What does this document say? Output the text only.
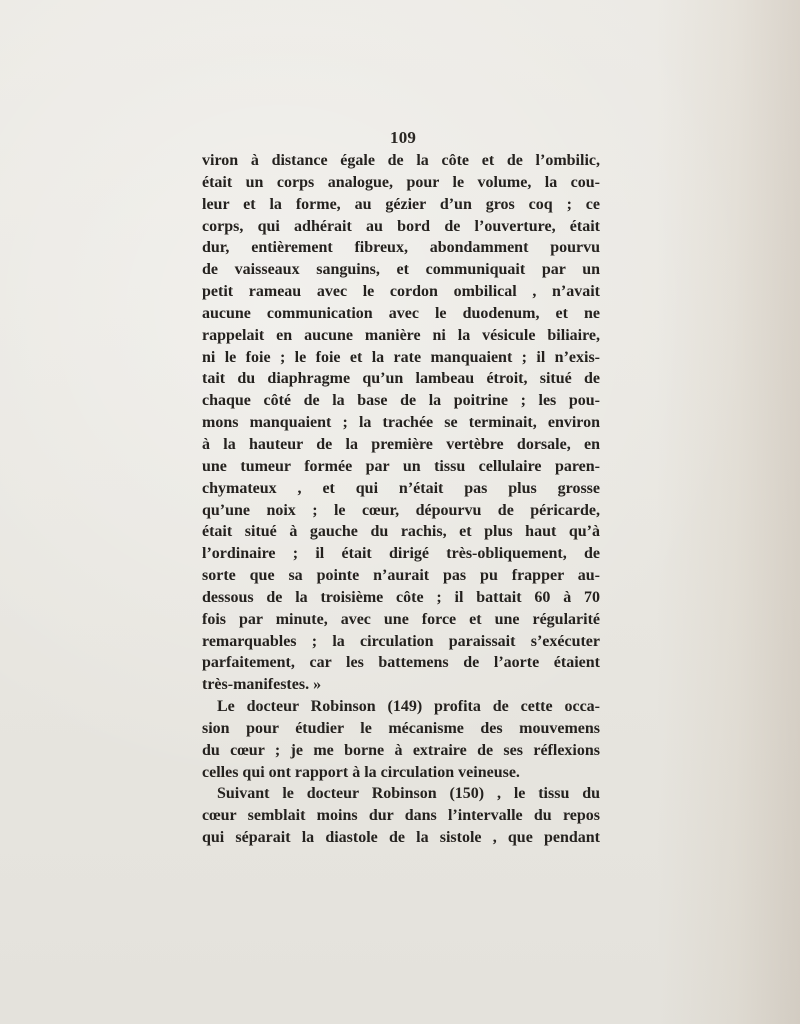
109
viron à distance égale de la côte et de l’ombilic,
était un corps analogue, pour le volume, la cou-
leur et la forme, au gézier d’un gros coq ; ce
corps, qui adhérait au bord de l’ouverture, était
dur, entièrement fibreux, abondamment pourvu
de vaisseaux sanguins, et communiquait par un
petit rameau avec le cordon ombilical , n’avait
aucune communication avec le duodenum, et ne
rappelait en aucune manière ni la vésicule biliaire,
ni le foie ; le foie et la rate manquaient ; il n’exis-
tait du diaphragme qu’un lambeau étroit, situé de
chaque côté de la base de la poitrine ; les pou-
mons manquaient ; la trachée se terminait, environ
à la hauteur de la première vertèbre dorsale, en
une tumeur formée par un tissu cellulaire paren-
chymateux , et qui n’était pas plus grosse
qu’une noix ; le cœur, dépourvu de péricarde,
était situé à gauche du rachis, et plus haut qu’à
l’ordinaire ; il était dirigé très-obliquement, de
sorte que sa pointe n’aurait pas pu frapper au-
dessous de la troisième côte ; il battait 60 à 70
fois par minute, avec une force et une régularité
remarquables ; la circulation paraissait s’exécuter
parfaitement, car les battemens de l’aorte étaient
très-manifestes. »
Le docteur Robinson (149) profita de cette occa-
sion pour étudier le mécanisme des mouvemens
du cœur ; je me borne à extraire de ses réflexions
celles qui ont rapport à la circulation veineuse.
Suivant le docteur Robinson (150) , le tissu du
cœur semblait moins dur dans l’intervalle du repos
qui séparait la diastole de la sistole , que pendant
